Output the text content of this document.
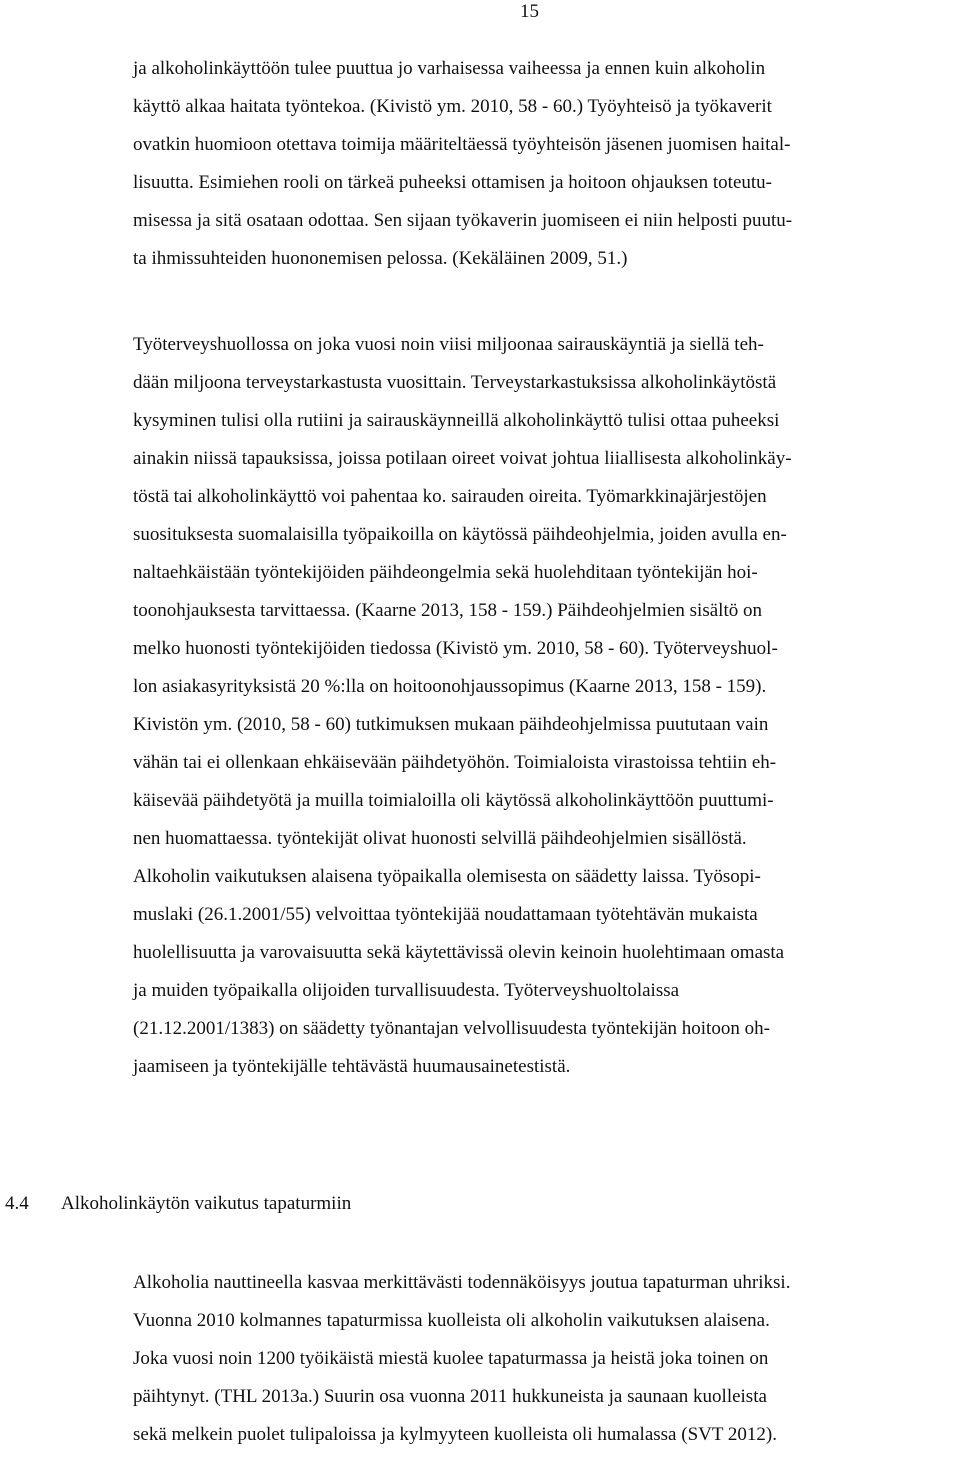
15
ja alkoholinkäyttöön tulee puuttua jo varhaisessa vaiheessa ja ennen kuin alkoholin
käyttö alkaa haitata työntekoa. (Kivistö ym. 2010, 58 - 60.) Työyhteisö ja työkaverit
ovatkin huomioon otettava toimija määriteltäessä työyhteisön jäsenen juomisen haital-
lisuutta. Esimiehen rooli on tärkeä puheeksi ottamisen ja hoitoon ohjauksen toteutu-
misessa ja sitä osataan odottaa. Sen sijaan työkaverin juomiseen ei niin helposti puutu-
ta ihmissuhteiden huononemisen pelossa. (Kekäläinen 2009, 51.)
Työterveyshuollossa on joka vuosi noin viisi miljoonaa sairauskäyntiä ja siellä teh-
dään miljoona terveystarkastusta vuosittain. Terveystarkastuksissa alkoholinkäytöstä
kysyminen tulisi olla rutiini ja sairauskäynneillä alkoholinkäyttö tulisi ottaa puheeksi
ainakin niissä tapauksissa, joissa potilaan oireet voivat johtua liiallisesta alkoholinkäy-
töstä tai alkoholinkäyttö voi pahentaa ko. sairauden oireita. Työmarkkinajärjestöjen
suosituksesta suomalaisilla työpaikoilla on käytössä päihdeohjelmia, joiden avulla en-
naltaehkäistään työntekijöiden päihdeongelmia sekä huolehditaan työntekijän hoi-
toonohjauksesta tarvittaessa. (Kaarne 2013, 158 - 159.) Päihdeohjelmien sisältö on
melko huonosti työntekijöiden tiedossa (Kivistö ym. 2010, 58 - 60). Työterveyshuol-
lon asiakasyrityksistä 20 %:lla on hoitoonohjaussopimus (Kaarne 2013, 158 - 159).
Kivistön ym. (2010, 58 - 60) tutkimuksen mukaan päihdeohjelmissa puututaan vain
vähän tai ei ollenkaan ehkäisevään päihdetyöhön. Toimialoista virastoissa tehtiin eh-
käisevää päihdetyötä ja muilla toimialoilla oli käytössä alkoholinkäyttöön puuttumi-
nen huomattaessa. työntekijät olivat huonosti selvillä päihdeohjelmien sisällöstä.
Alkoholin vaikutuksen alaisena työpaikalla olemisesta on säädetty laissa. Työsopi-
muslaki (26.1.2001/55) velvoittaa työntekijää noudattamaan työtehtävän mukaista
huolellisuutta ja varovaisuutta sekä käytettävissä olevin keinoin huolehtimaan omasta
ja muiden työpaikalla olijoiden turvallisuudesta. Työterveyshuoltolaissa
(21.12.2001/1383) on säädetty työnantajan velvollisuudesta työntekijän hoitoon oh-
jaamiseen ja työntekijälle tehtävästä huumausainetestistä.
4.4 Alkoholinkäytön vaikutus tapaturmiin
Alkoholia nauttineella kasvaa merkittävästi todennäköisyys joutua tapaturman uhriksi.
Vuonna 2010 kolmannes tapaturmissa kuolleista oli alkoholin vaikutuksen alaisena.
Joka vuosi noin 1200 työikäistä miestä kuolee tapaturmassa ja heistä joka toinen on
päihtynyt. (THL 2013a.) Suurin osa vuonna 2011 hukkuneista ja saunaan kuolleista
sekä melkein puolet tulipaloissa ja kylmyyteen kuolleista oli humalassa (SVT 2012).
